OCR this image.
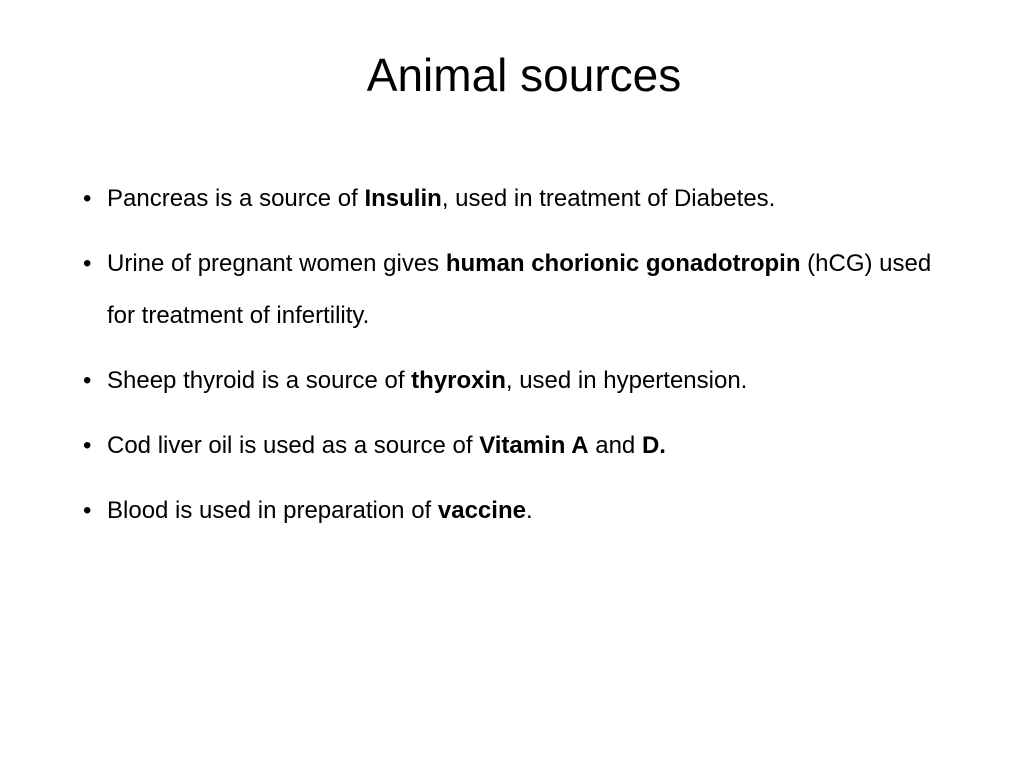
Animal sources
• Pancreas is a source of Insulin, used in treatment of Diabetes.
• Urine of pregnant women gives human chorionic gonadotropin (hCG) used for treatment of infertility.
• Sheep thyroid is a source of thyroxin, used in hypertension.
• Cod liver oil is used as a source of Vitamin A and D.
• Blood is used in preparation of vaccine.
